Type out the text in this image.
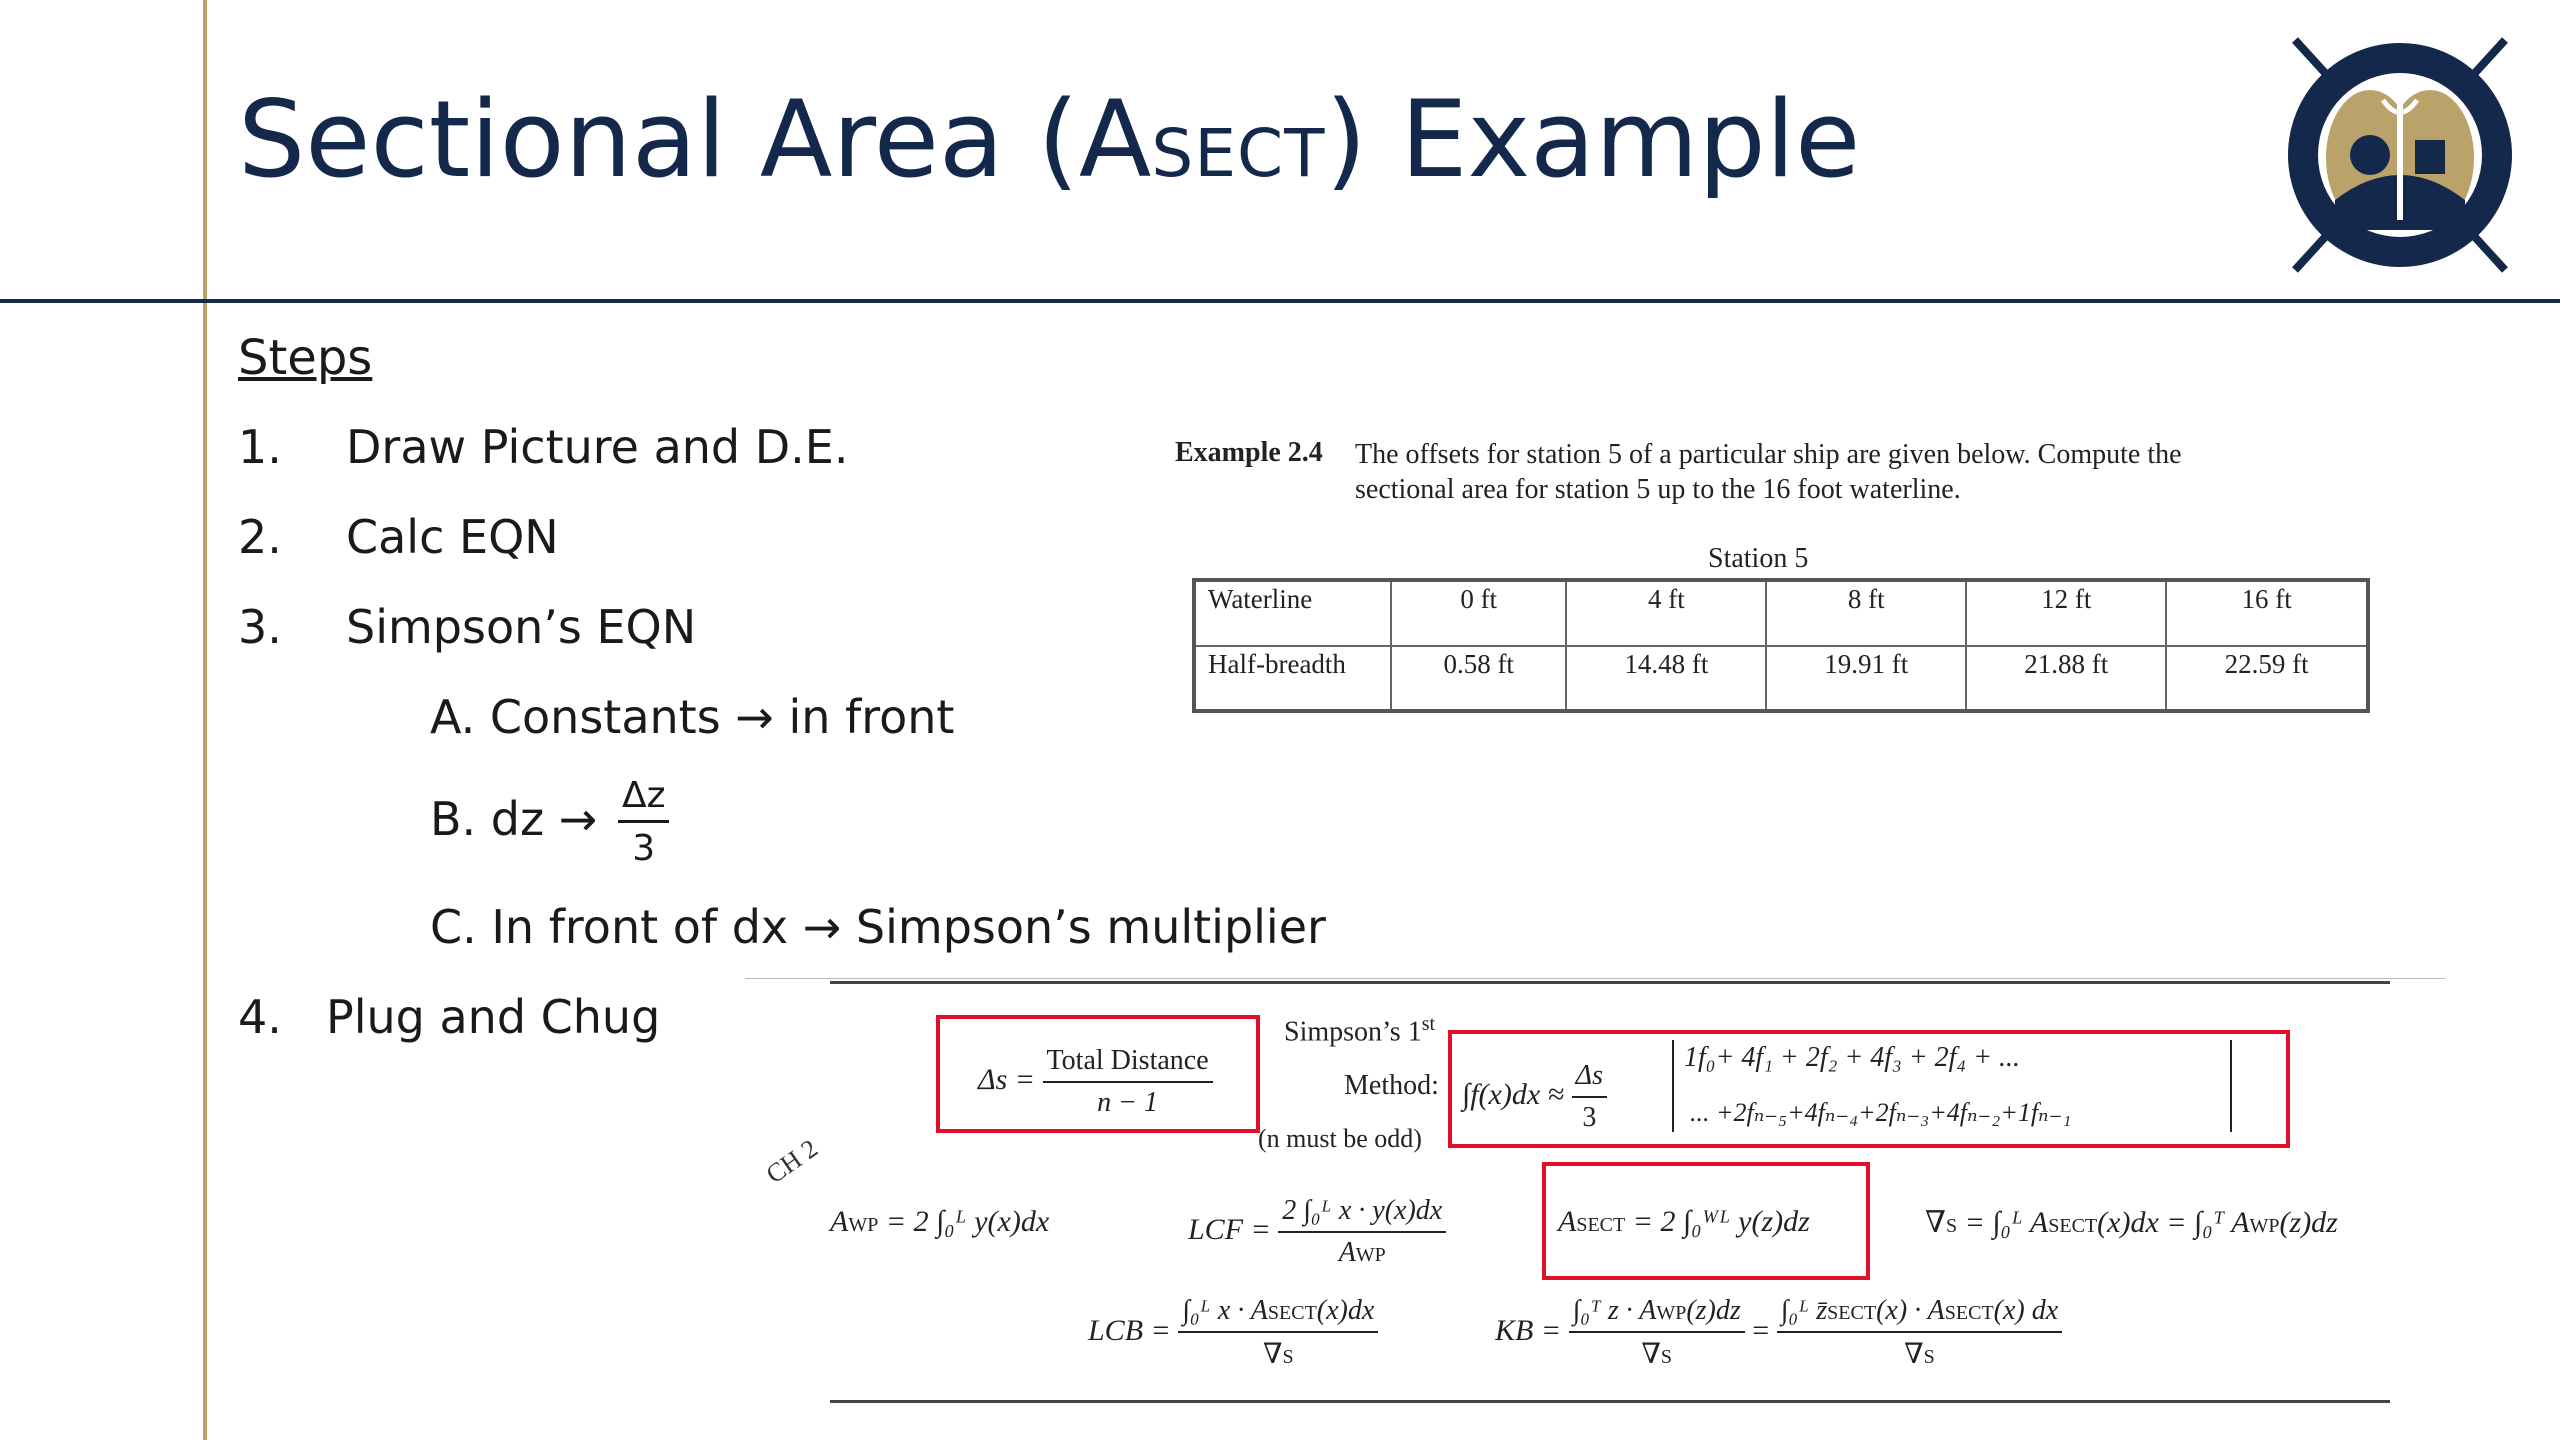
Sectional Area (ASECT) Example
Steps
1. Draw Picture and D.E.
2. Calc EQN
3. Simpson’s EQN
A. Constants → in front
B. dz → $\frac{\Delta z}{3}$
C. In front of dx → Simpson’s multiplier
4. Plug and Chug
Example 2.4 The offsets for station 5 of a particular ship are given below. Compute the sectional area for station 5 up to the 16 foot waterline.
Station 5
Waterline	0 ft	4 ft	8 ft	12 ft	16 ft
Half-breadth	0.58 ft	14.48 ft	19.91 ft	21.88 ft	22.59 ft
CH 2
Δs =
Total Distance
n − 1
Simpson’s 1st
Method:
(n must be odd)
$\int f(x)dx \approx \frac{\Delta s}{3}$
1f₀+ 4f₁ + 2f₂ + 4f₃ + 2f₄ + ...
... +2fₙ₋₅+4fₙ₋₄+2fₙ₋₃+4fₙ₋₂+1fₙ₋₁
AWP = 2 ∫₀ᴸ y(x)dx	LCF =
2 ∫₀ᴸ x · y(x)dx
AWP
ASECT = 2 ∫₀ᵂᴸ y(z)dz	∇S = ∫₀ᴸ ASECT(x)dx = ∫₀ᵀ AWP(z)dz
LCB =
∫₀ᴸ x · ASECT(x)dx
∇S
KB =
∫₀ᵀ z · AWP(z)dz
∇S
=
∫₀ᴸ z̄SECT(x) · ASECT(x) dx
∇S
